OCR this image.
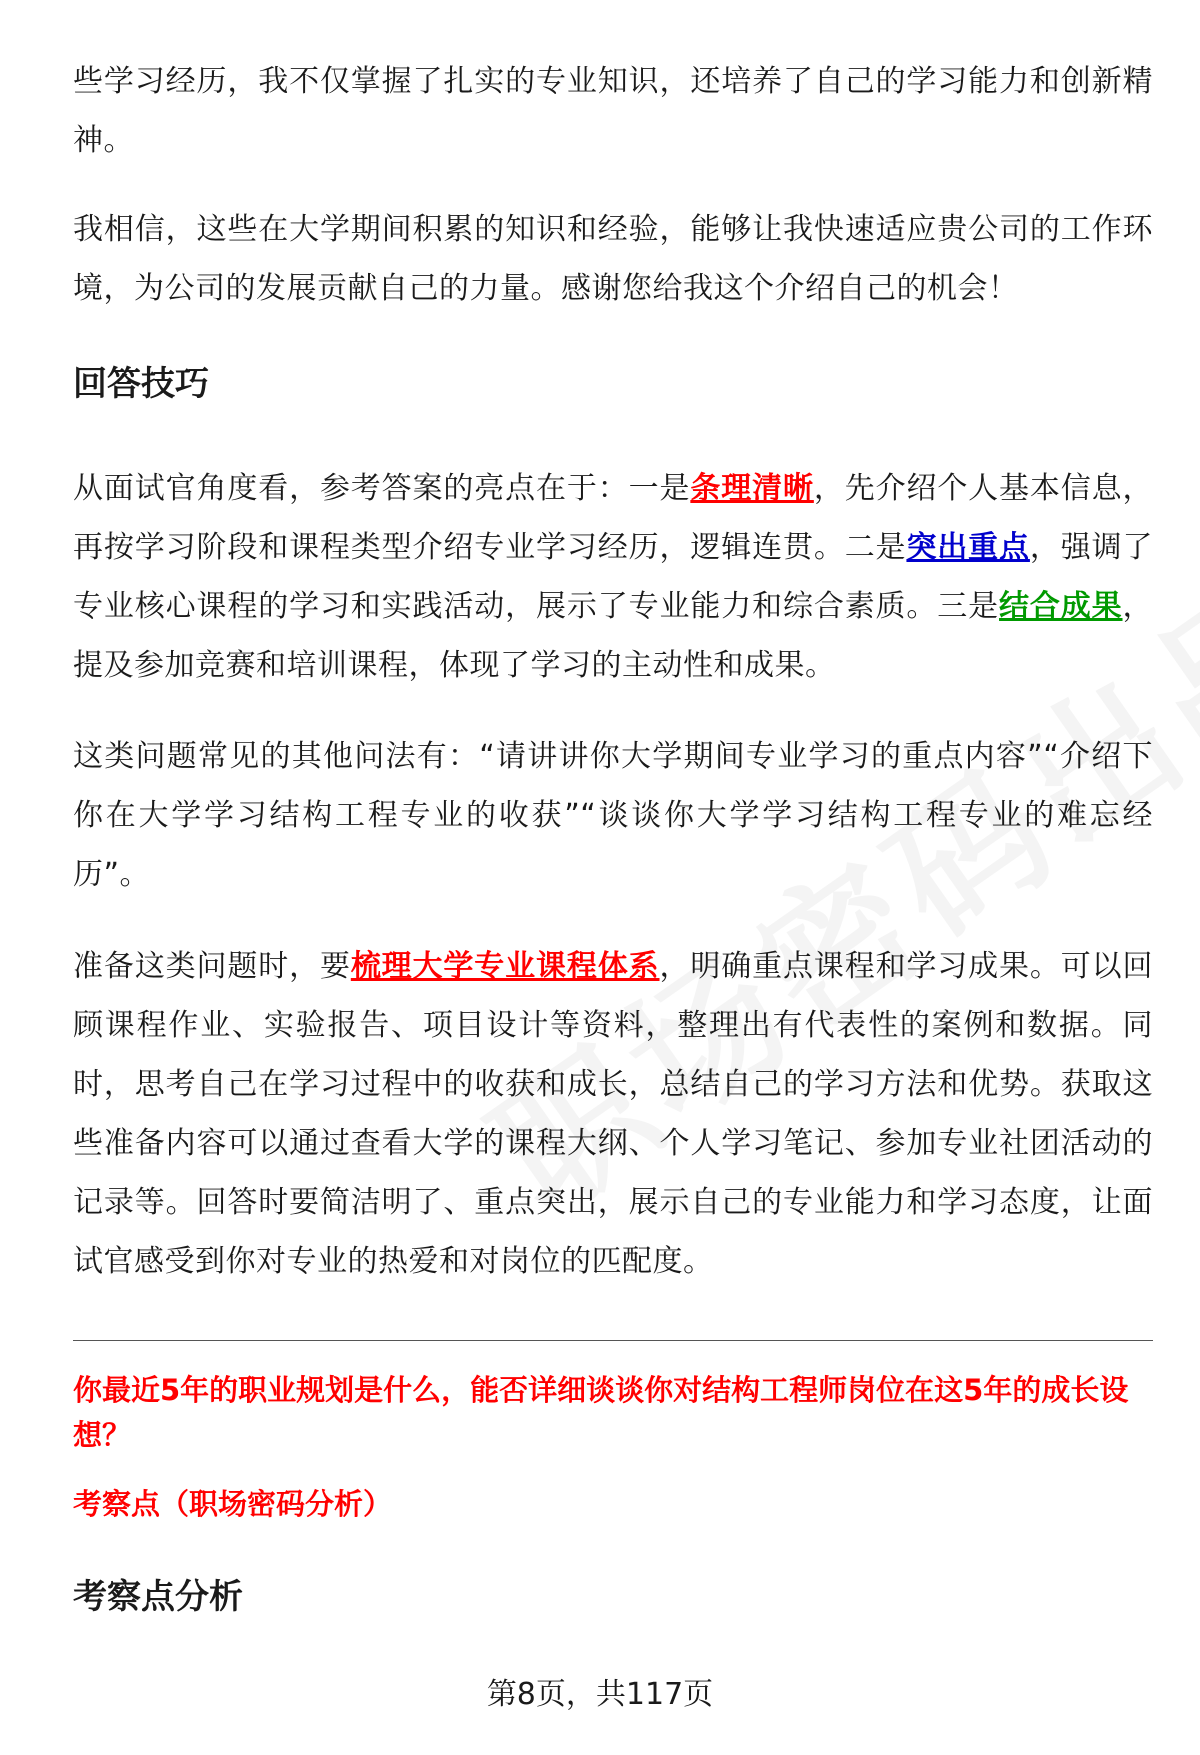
些学习经历，我不仅掌握了扎实的专业知识，还培养了自己的学习能力和创新精神。

我相信，这些在大学期间积累的知识和经验，能够让我快速适应贵公司的工作环境，为公司的发展贡献自己的力量。感谢您给我这个介绍自己的机会！

回答技巧

从面试官角度看，参考答案的亮点在于：一是条理清晰，先介绍个人基本信息，再按学习阶段和课程类型介绍专业学习经历，逻辑连贯。二是突出重点，强调了专业核心课程的学习和实践活动，展示了专业能力和综合素质。三是结合成果，提及参加竞赛和培训课程，体现了学习的主动性和成果。

这类问题常见的其他问法有：“请讲讲你大学期间专业学习的重点内容”“介绍下你在大学学习结构工程专业的收获”“谈谈你大学学习结构工程专业的难忘经历”。

准备这类问题时，要梳理大学专业课程体系，明确重点课程和学习成果。可以回顾课程作业、实验报告、项目设计等资料，整理出有代表性的案例和数据。同时，思考自己在学习过程中的收获和成长，总结自己的学习方法和优势。获取这些准备内容可以通过查看大学的课程大纲、个人学习笔记、参加专业社团活动的记录等。回答时要简洁明了、重点突出，展示自己的专业能力和学习态度，让面试官感受到你对专业的热爱和对岗位的匹配度。

你最近5年的职业规划是什么，能否详细谈谈你对结构工程师岗位在这5年的成长设想？

考察点（职场密码分析）

考察点分析
第8页，共117页
